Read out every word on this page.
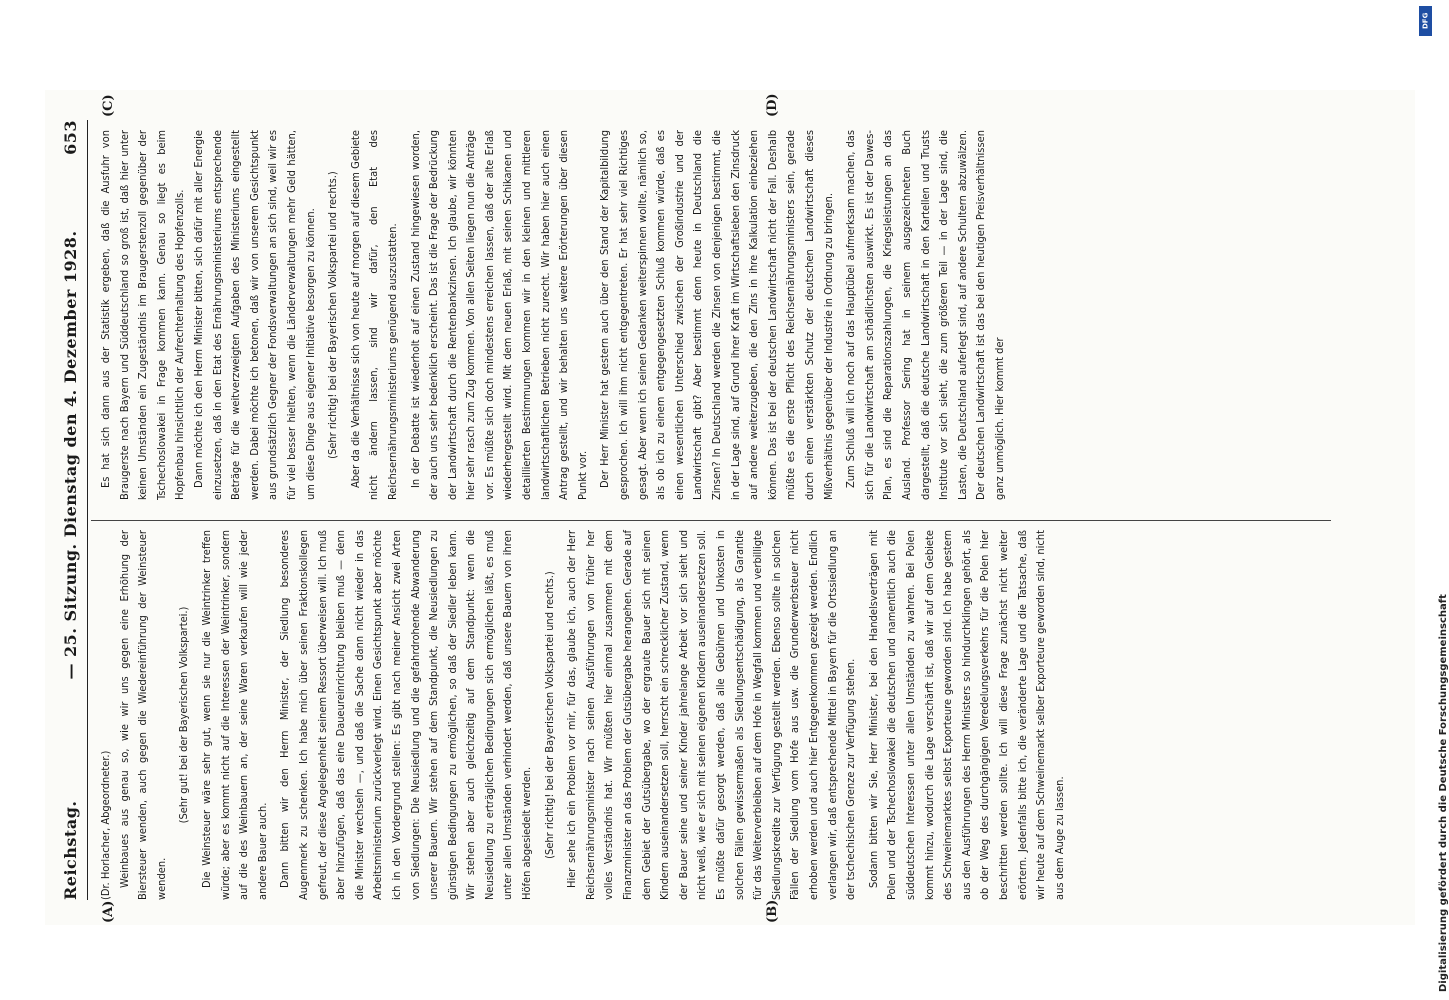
Reichstag.
— 25. Sitzung. Dienstag den 4. Dezember 1928.
653
(A)	(B)
(C)	(D)

(Dr. Horlacher, Abgeordneter.) Weinbaues aus genau so, wie wir uns gegen eine Erhöhung der Biersteuer wenden, auch gegen die Wiedereinführung der Weinsteuer wenden.

(Sehr gut! bei der Bayerischen Volkspartei.) Die Weinsteuer wäre sehr gut, wenn sie nur die Weintrinker treffen würde; aber es kommt nicht auf die Interessen der Weintrinker, sondern auf die des Weinbauern an, der seine Waren verkaufen will wie jeder andere Bauer auch. Dann bitten wir den Herrn Minister, der Siedlung besonderes Augenmerk zu schenken. Ich habe mich über seinen Fraktionskollegen gefreut, der diese Angelegenheit seinem Ressort überweisen will. Ich muß aber hinzufügen, daß das eine Daueureinrichtung bleiben muß — denn die Minister wechseln —, und daß die Sache dann nicht wieder in das Arbeitsministerium zurückverlegt wird. Einen Gesichtspunkt aber möchte ich in den Vordergrund stellen: Es gibt nach meiner Ansicht zwei Arten von Siedlungen: Die Neusiedlung und die gefahrdrohende Abwanderung unserer Bauern. Wir stehen auf dem Standpunkt, die Neusiedlungen zu günstigen Bedingungen zu ermöglichen, so daß der Siedler leben kann. Wir stehen aber auch gleichzeitig auf dem Standpunkt: wenn die Neusiedlung zu erträglichen Bedingungen sich ermöglichen läßt, es muß unter allen Umständen verhindert werden, daß unsere Bauern von ihren Höfen abgesiedelt werden. (Sehr richtig! bei der Bayerischen Volkspartei und rechts.) Hier sehe ich ein Problem vor mir, für das, glaube ich, auch der Herr Reichsernährungsminister nach seinen Ausführungen von früher her volles Verständnis hat. Wir müßten hier einmal zusammen mit dem Finanzminister an das Problem der Gutsübergabe herangehen. Gerade auf dem Gebiet der Gutsübergabe, wo der ergraute Bauer sich mit seinen Kindern auseinandersetzen soll, herrscht ein schrecklicher Zustand, wenn der Bauer seine und seiner Kinder jahrelange Arbeit vor sich sieht und nicht weiß, wie er sich mit seinen eigenen Kindern auseinandersetzen soll. Es müßte dafür gesorgt werden, daß alle Gebühren und Unkosten in solchen Fällen gewissermaßen als Siedlungsentschädigung, als Garantie für das Weiterverbleiben auf dem Hofe in Wegfall kommen und verbilligte Siedlungskredite zur Verfügung gestellt werden. Ebenso sollte in solchen Fällen der Siedlung vom Hofe aus usw. die Grunderwerbsteuer nicht erhoben werden und auch hier Entgegenkommen gezeigt werden. Endlich verlangen wir, daß entsprechende Mittel in Bayern für die Ortssiedlung an der tschechischen Grenze zur Verfügung stehen. Sodann bitten wir Sie, Herr Minister, bei den Handelsverträgen mit Polen und der Tschechoslowakei die deutschen und namentlich auch die süddeutschen Interessen unter allen Umständen zu wahren. Bei Polen kommt hinzu, wodurch die Lage verschärft ist, daß wir auf dem Gebiete des Schweinemarktes selbst Exporteure geworden sind. Ich habe gestern aus den Ausführungen des Herrn Ministers so hindurchklingen gehört, als ob der Weg des durchgängigen Veredelungsverkehrs für die Polen hier beschritten werden sollte. Ich will diese Frage zunächst nicht weiter erörtern. Jedenfalls bitte ich, die veränderte Lage und die Tatsache, daß wir heute auf dem Schweinemarkt selber Exporteure geworden sind, nicht aus dem Auge zu lassen.

Es hat sich dann aus der Statistik ergeben, daß die Ausfuhr von Braugerste nach Bayern und Süddeutschland so groß ist, daß hier unter keinen Umständen ein Zugeständnis im Braugerstenzoll gegenüber der Tschechoslowakei in Frage kommen kann. Genau so liegt es beim Hopfenbau hinsichtlich der Aufrechterhaltung des Hopfenzolls. Dann möchte ich den Herrn Minister bitten, sich dafür mit aller Energie einzusetzen, daß in den Etat des Ernährungsministeriums entsprechende Beträge für die weitverzweigten Aufgaben des Ministeriums eingestellt werden. Dabei möchte ich betonen, daß wir von unserem Gesichtspunkt aus grundsätzlich Gegner der Fondsverwaltungen an sich sind, weil wir es für viel besser hielten, wenn die Länderverwaltungen mehr Geld hätten, um diese Dinge aus eigener Initiative besorgen zu können. (Sehr richtig! bei der Bayerischen Volkspartei und rechts.) Aber da die Verhältnisse sich von heute auf morgen auf diesem Gebiete nicht ändern lassen, sind wir dafür, den Etat des Reichsernährungsministeriums genügend auszustatten. In der Debatte ist wiederholt auf einen Zustand hingewiesen worden, der auch uns sehr bedenklich erscheint. Das ist die Frage der Bedrückung der Landwirtschaft durch die Rentenbankzinsen. Ich glaube, wir könnten hier sehr rasch zum Zug kommen. Von allen Seiten liegen nun die Anträge vor. Es müßte sich doch mindestens erreichen lassen, daß der alte Erlaß wiederhergestellt wird. Mit dem neuen Erlaß, mit seinen Schikanen und detaillierten Bestimmungen kommen wir in den kleinen und mittleren landwirtschaftlichen Betrieben nicht zurecht. Wir haben hier auch einen Antrag gestellt, und wir behalten uns weitere Erörterungen über diesen Punkt vor. Der Herr Minister hat gestern auch über den Stand der Kapitalbildung gesprochen. Ich will ihm nicht entgegentreten. Er hat sehr viel Richtiges gesagt. Aber wenn ich seinen Gedanken weiterspinnen wollte, nämlich so, als ob ich zu einem entgegengesetzten Schluß kommen würde, daß es einen wesentlichen Unterschied zwischen der Großindustrie und der Landwirtschaft gibt? Aber bestimmt denn heute in Deutschland die Zinsen? In Deutschland werden die Zinsen von denjenigen bestimmt, die in der Lage sind, auf Grund ihrer Kraft im Wirtschaftsleben den Zinsdruck auf andere weiterzugeben, die den Zins in ihre Kalkulation einbeziehen können. Das ist bei der deutschen Landwirtschaft nicht der Fall. Deshalb müßte es die erste Pflicht des Reichsernährungsministers sein, gerade durch einen verstärkten Schutz der deutschen Landwirtschaft dieses Mißverhältnis gegenüber der Industrie in Ordnung zu bringen. Zum Schluß will ich noch auf das Hauptübel aufmerksam machen, das sich für die Landwirtschaft am schädlichsten auswirkt. Es ist der Dawes-Plan, es sind die Reparationszahlungen, die Kriegsleistungen an das Ausland. Professor Sering hat in seinem ausgezeichneten Buch dargestellt, daß die deutsche Landwirtschaft in den Kartellen und Trusts Institute vor sich sieht, die zum größeren Teil — in der Lage sind, die Lasten, die Deutschland auferlegt sind, auf andere Schultern abzuwälzen. Der deutschen Landwirtschaft ist das bei den heutigen Preisverhältnissen ganz unmöglich. Hier kommt der

DFG
Digitalisierung gefördert durch die Deutsche Forschungsgemeinschaft
